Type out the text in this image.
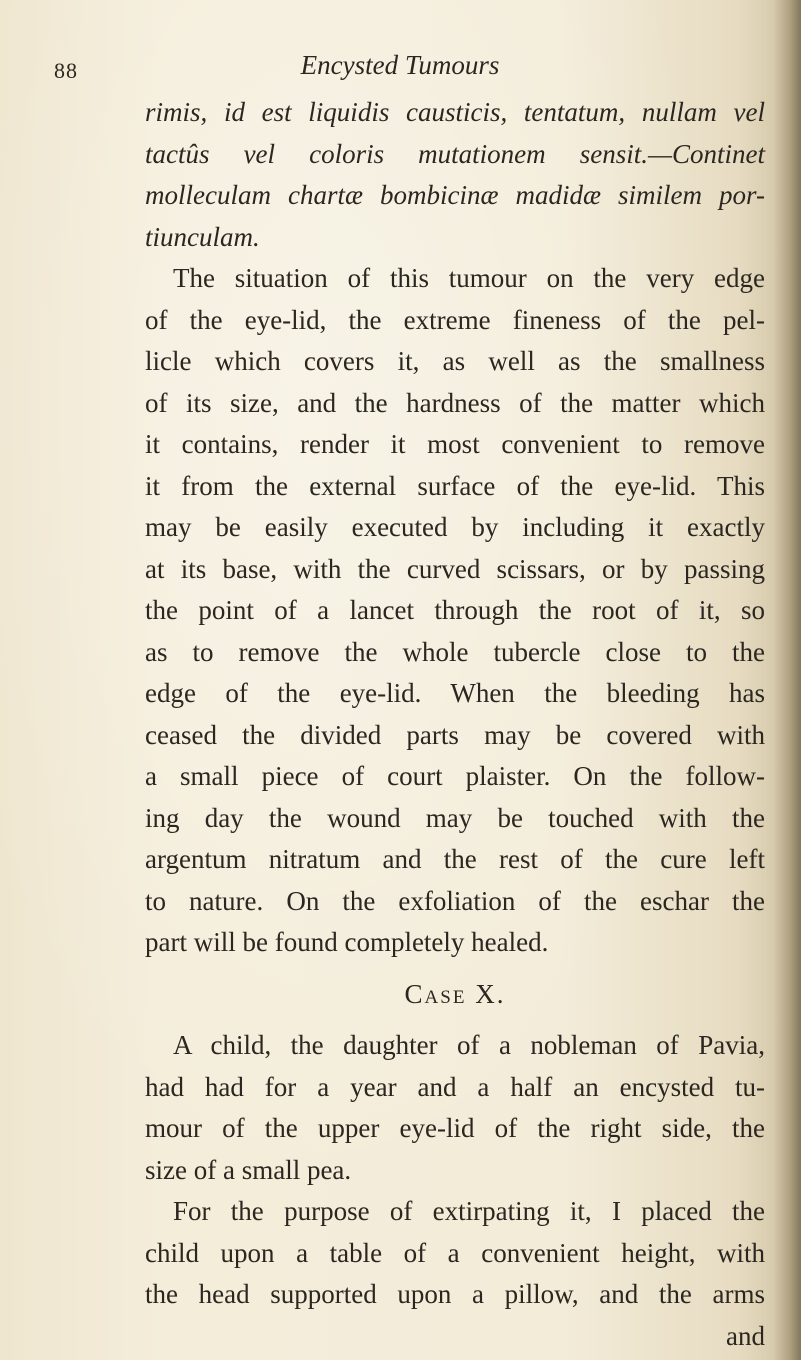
88	Encysted Tumours
rimis, id est liquidis causticis, tentatum, nullam vel
tactûs vel coloris mutationem sensit.—Continet
molleculam chartæ bombicinæ madidæ similem por-
tiunculam.
The situation of this tumour on the very edge
of the eye-lid, the extreme fineness of the pel-
licle which covers it, as well as the smallness
of its size, and the hardness of the matter which
it contains, render it most convenient to remove
it from the external surface of the eye-lid. This
may be easily executed by including it exactly
at its base, with the curved scissars, or by passing
the point of a lancet through the root of it, so
as to remove the whole tubercle close to the
edge of the eye-lid. When the bleeding has
ceased the divided parts may be covered with
a small piece of court plaister. On the follow-
ing day the wound may be touched with the
argentum nitratum and the rest of the cure left
to nature. On the exfoliation of the eschar the
part will be found completely healed.
Case X.
A child, the daughter of a nobleman of Pavia,
had had for a year and a half an encysted tu-
mour of the upper eye-lid of the right side, the
size of a small pea.
For the purpose of extirpating it, I placed the
child upon a table of a convenient height, with
the head supported upon a pillow, and the arms
and
